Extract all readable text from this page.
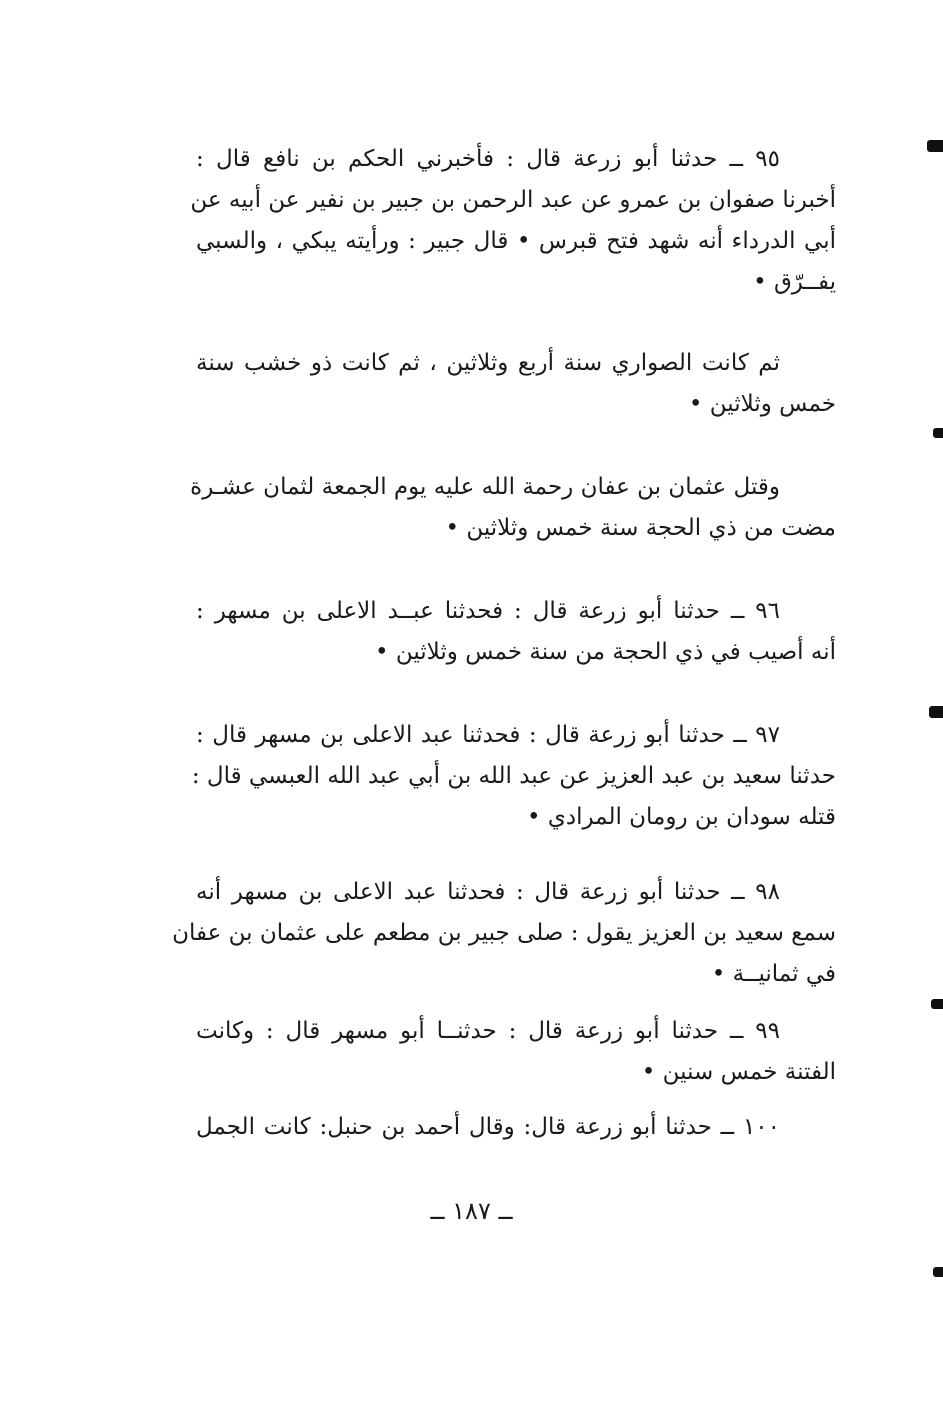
٩٥ ــ حدثنا أبو زرعة قال : فأخبرني الحكم بن نافع قال :
أخبرنا صفوان بن عمرو عن عبد الرحمن بن جبير بن نفير عن أبيه عن
أبي الدرداء أنه شهد فتح قبرس • قال جبير : ورأيته يبكي ، والسبي
يفــرّق •
ثم كانت الصواري سنة أربع وثلاثين ، ثم كانت ذو خشب سنة
خمس وثلاثين •
وقتل عثمان بن عفان رحمة الله عليه يوم الجمعة لثمان عشـرة
مضت من ذي الحجة سنة خمس وثلاثين •
٩٦ ــ حدثنا أبو زرعة قال : فحدثنا عبــد الاعلى بن مسهر :
أنه أصيب في ذي الحجة من سنة خمس وثلاثين •
٩٧ ــ حدثنا أبو زرعة قال : فحدثنا عبد الاعلى بن مسهر قال :
حدثنا سعيد بن عبد العزيز عن عبد الله بن أبي عبد الله العبسي قال :
قتله سودان بن رومان المرادي •
٩٨ ــ حدثنا أبو زرعة قال : فحدثنا عبد الاعلى بن مسهر أنه
سمع سعيد بن العزيز يقول : صلى جبير بن مطعم على عثمان بن عفان
في ثمانيــة •
٩٩ ــ حدثنا أبو زرعة قال : حدثنــا أبو مسهر قال : وكانت
الفتنة خمس سنين •
١٠٠ ــ حدثنا أبو زرعة قال: وقال أحمد بن حنبل: كانت الجمل
ــ ١٨٧ ــ
